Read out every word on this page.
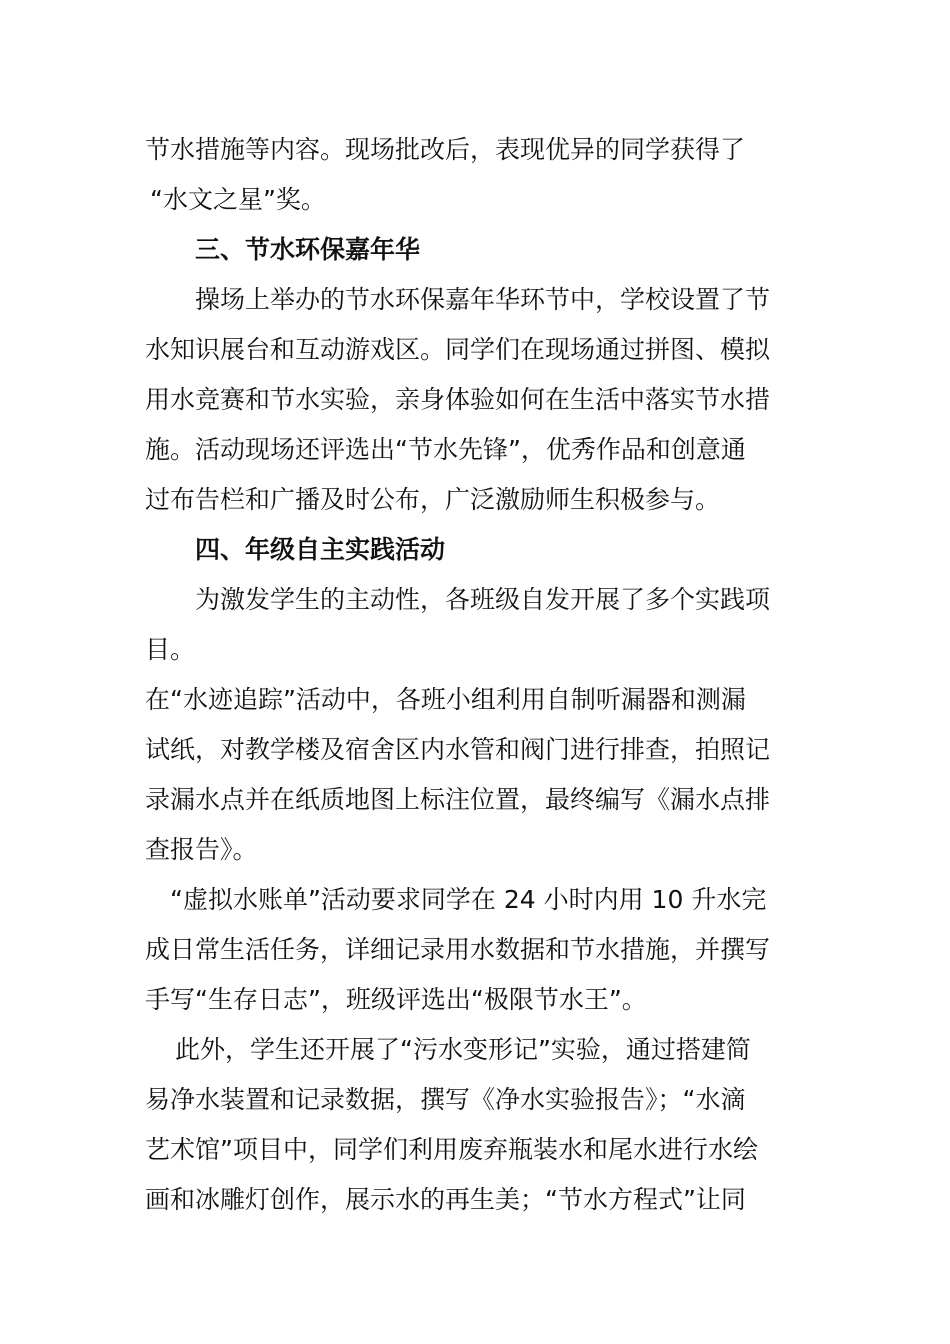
节水措施等内容。现场批改后，表现优异的同学获得了

“水文之星”奖。

三、节水环保嘉年华

操场上举办的节水环保嘉年华环节中，学校设置了节

水知识展台和互动游戏区。同学们在现场通过拼图、模拟

用水竞赛和节水实验，亲身体验如何在生活中落实节水措

施。活动现场还评选出“节水先锋”，优秀作品和创意通

过布告栏和广播及时公布，广泛激励师生积极参与。

四、年级自主实践活动

为激发学生的主动性，各班级自发开展了多个实践项

目。

在“水迹追踪”活动中，各班小组利用自制听漏器和测漏

试纸，对教学楼及宿舍区内水管和阀门进行排查，拍照记

录漏水点并在纸质地图上标注位置，最终编写《漏水点排

查报告》。

“虚拟水账单”活动要求同学在 24 小时内用 10 升水完

成日常生活任务，详细记录用水数据和节水措施，并撰写

手写“生存日志”，班级评选出“极限节水王”。

此外，学生还开展了“污水变形记”实验，通过搭建简

易净水装置和记录数据，撰写《净水实验报告》；“水滴

艺术馆”项目中，同学们利用废弃瓶装水和尾水进行水绘

画和冰雕灯创作，展示水的再生美；“节水方程式”让同
